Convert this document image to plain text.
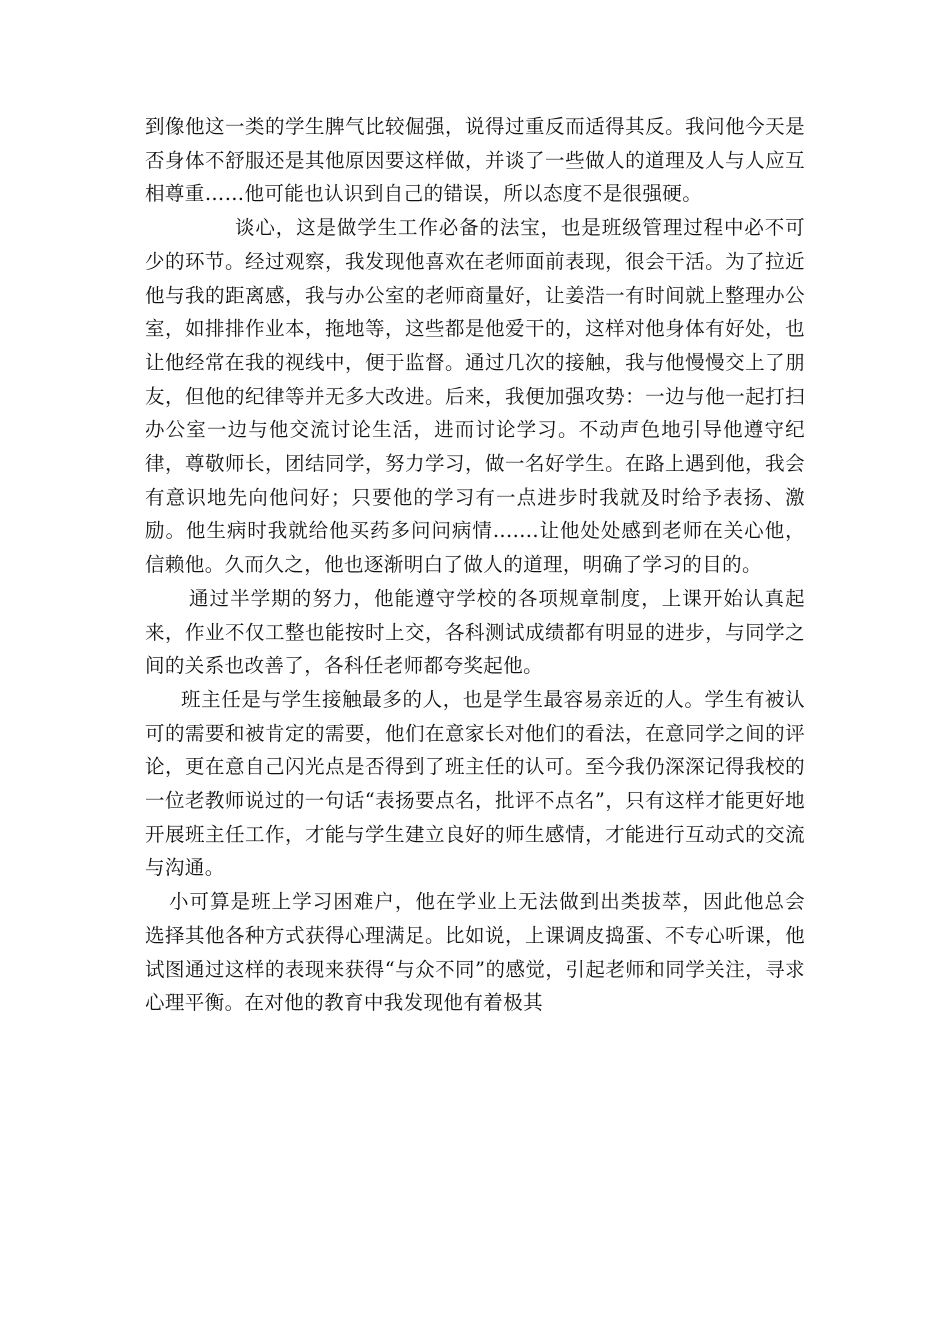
到像他这一类的学生脾气比较倔强，说得过重反而适得其反。我问他今天是否身体不舒服还是其他原因要这样做，并谈了一些做人的道理及人与人应互相尊重……他可能也认识到自己的错误，所以态度不是很强硬。

谈心，这是做学生工作必备的法宝，也是班级管理过程中必不可少的环节。经过观察，我发现他喜欢在老师面前表现，很会干活。为了拉近他与我的距离感，我与办公室的老师商量好，让姜浩一有时间就上整理办公室，如排排作业本，拖地等，这些都是他爱干的，这样对他身体有好处，也让他经常在我的视线中，便于监督。通过几次的接触，我与他慢慢交上了朋友，但他的纪律等并无多大改进。后来，我便加强攻势：一边与他一起打扫办公室一边与他交流讨论生活，进而讨论学习。不动声色地引导他遵守纪律，尊敬师长，团结同学，努力学习，做一名好学生。在路上遇到他，我会有意识地先向他问好；只要他的学习有一点进步时我就及时给予表扬、激励。他生病时我就给他买药多问问病情.......让他处处感到老师在关心他，信赖他。久而久之，他也逐渐明白了做人的道理，明确了学习的目的。

通过半学期的努力，他能遵守学校的各项规章制度，上课开始认真起来，作业不仅工整也能按时上交，各科测试成绩都有明显的进步，与同学之间的关系也改善了，各科任老师都夸奖起他。

班主任是与学生接触最多的人，也是学生最容易亲近的人。学生有被认可的需要和被肯定的需要，他们在意家长对他们的看法，在意同学之间的评论，更在意自己闪光点是否得到了班主任的认可。至今我仍深深记得我校的一位老教师说过的一句话“表扬要点名，批评不点名”，只有这样才能更好地开展班主任工作，才能与学生建立良好的师生感情，才能进行互动式的交流与沟通。

小可算是班上学习困难户，他在学业上无法做到出类拔萃，因此他总会选择其他各种方式获得心理满足。比如说，上课调皮捣蛋、不专心听课，他试图通过这样的表现来获得“与众不同”的感觉，引起老师和同学关注，寻求心理平衡。在对他的教育中我发现他有着极其
